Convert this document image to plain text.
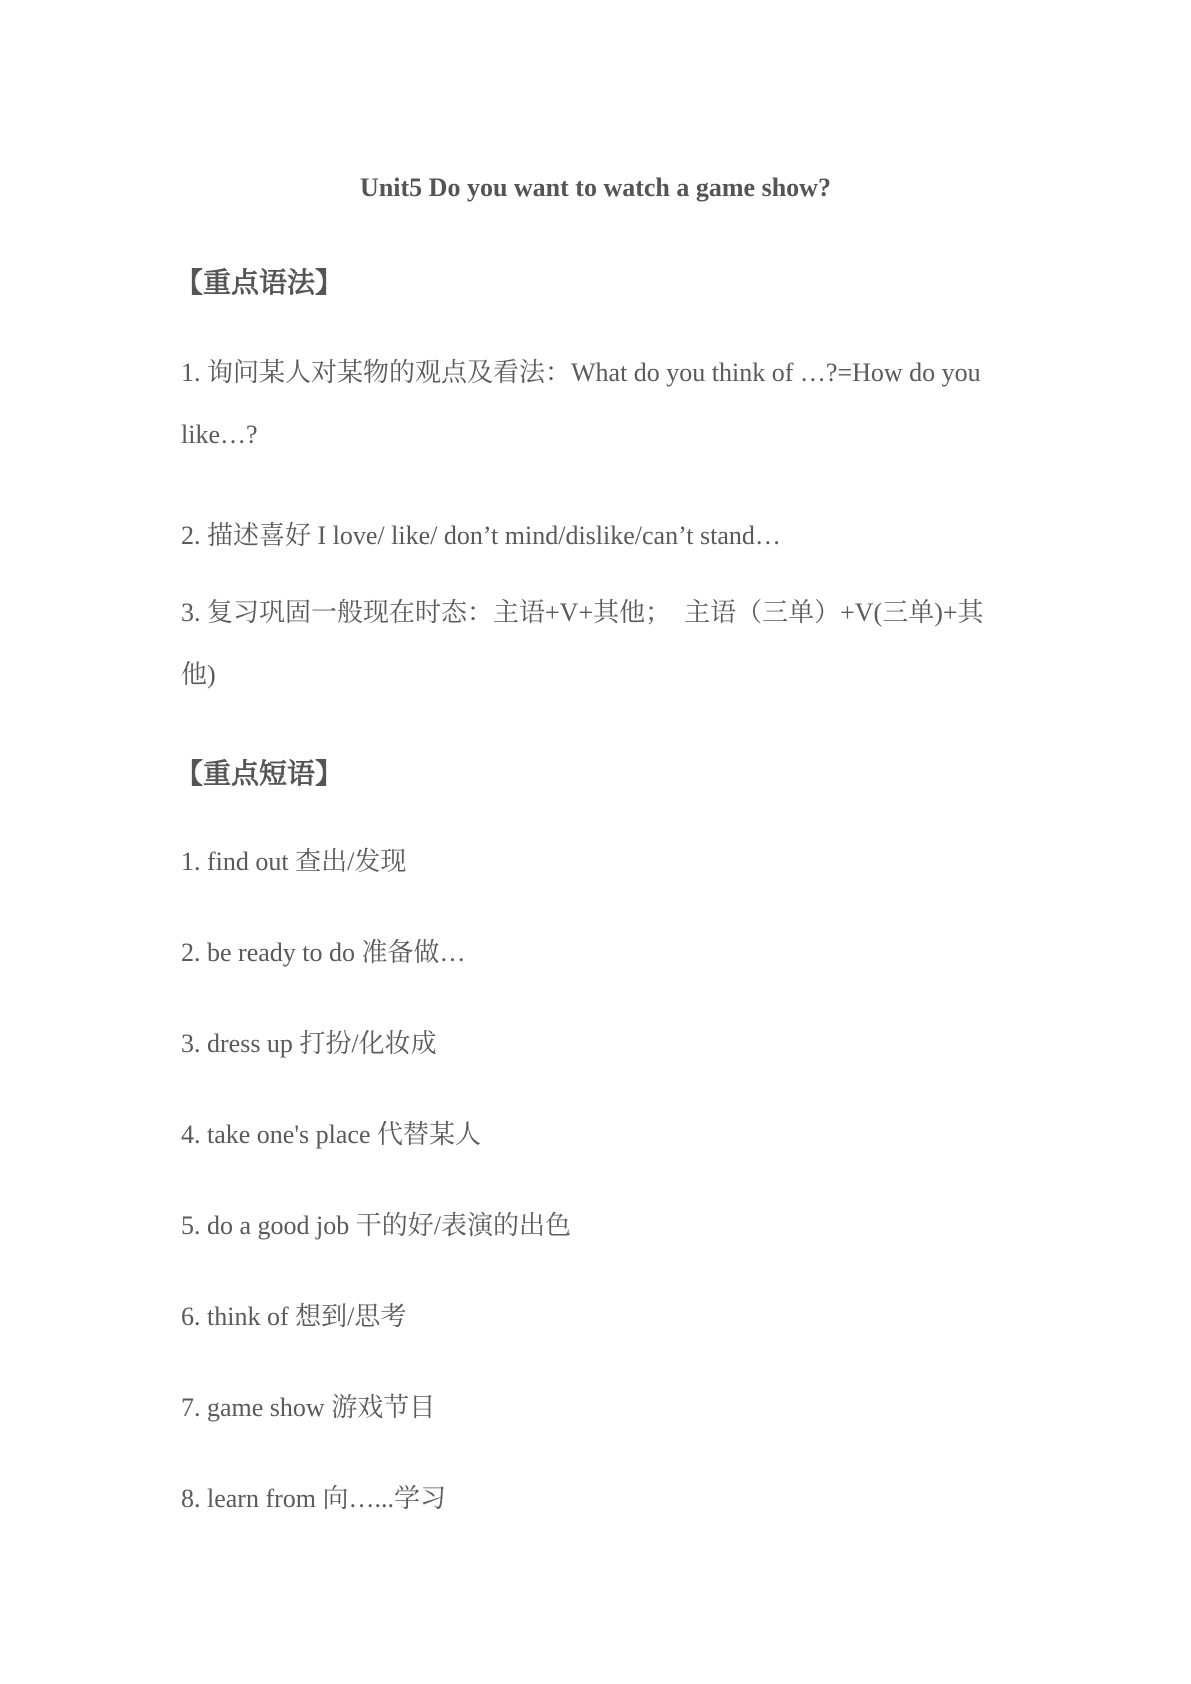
Unit5 Do you want to watch a game show?
【重点语法】
1. 询问某人对某物的观点及看法：What do you think of …?=How do you like…?
2. 描述喜好 I love/ like/ don’t mind/dislike/can’t stand…
3. 复习巩固一般现在时态：主语+V+其他；　主语（三单）+V(三单)+其他)
【重点短语】
1. find out 查出/发现
2. be ready to do 准备做…
3. dress up 打扮/化妆成
4. take one's place 代替某人
5. do a good job 干的好/表演的出色
6. think of 想到/思考
7. game show 游戏节目
8. learn from 向…...学习
